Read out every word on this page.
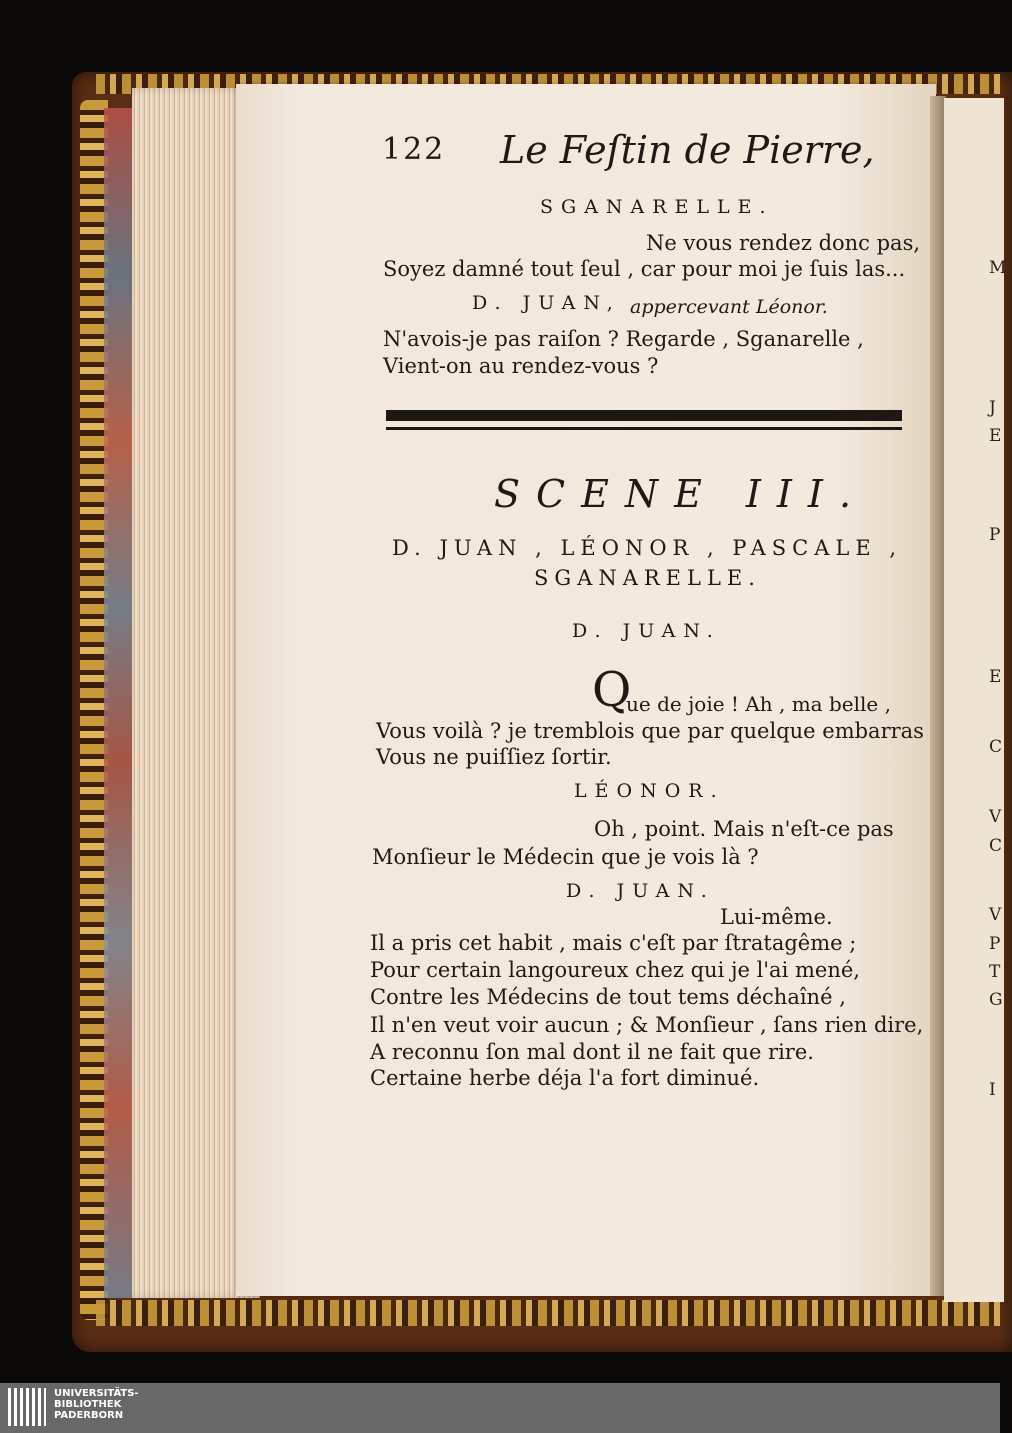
M
J
E
P
E
C
V
C
V
P
T
G
I
122 Le Feſtin de Pierre,
SGANARELLE.
Ne vous rendez donc pas,
Soyez damné tout ſeul , car pour moi je ſuis las...
D. JUAN, appercevant Léonor.
N'avois-je pas raiſon ? Regarde , Sganarelle ,
Vient-on au rendez-vous ?
SCENE III.
D. JUAN , LÉONOR , PASCALE ,
SGANARELLE.
D. JUAN.
Q
ue de joie ! Ah , ma belle ,
Vous voilà ? je tremblois que par quelque embarras
Vous ne puiſſiez ſortir.
LÉONOR.
Oh , point. Mais n'eſt-ce pas
Monſieur le Médecin que je vois là ?
D. JUAN.
Lui-même.
Il a pris cet habit , mais c'eſt par ſtratagême ;
Pour certain langoureux chez qui je l'ai mené,
Contre les Médecins de tout tems déchaîné ,
Il n'en veut voir aucun ; & Monſieur , ſans rien dire,
A reconnu ſon mal dont il ne fait que rire.
Certaine herbe déja l'a fort diminué.
UNIVERSITÄTS-
BIBLIOTHEK
PADERBORN
